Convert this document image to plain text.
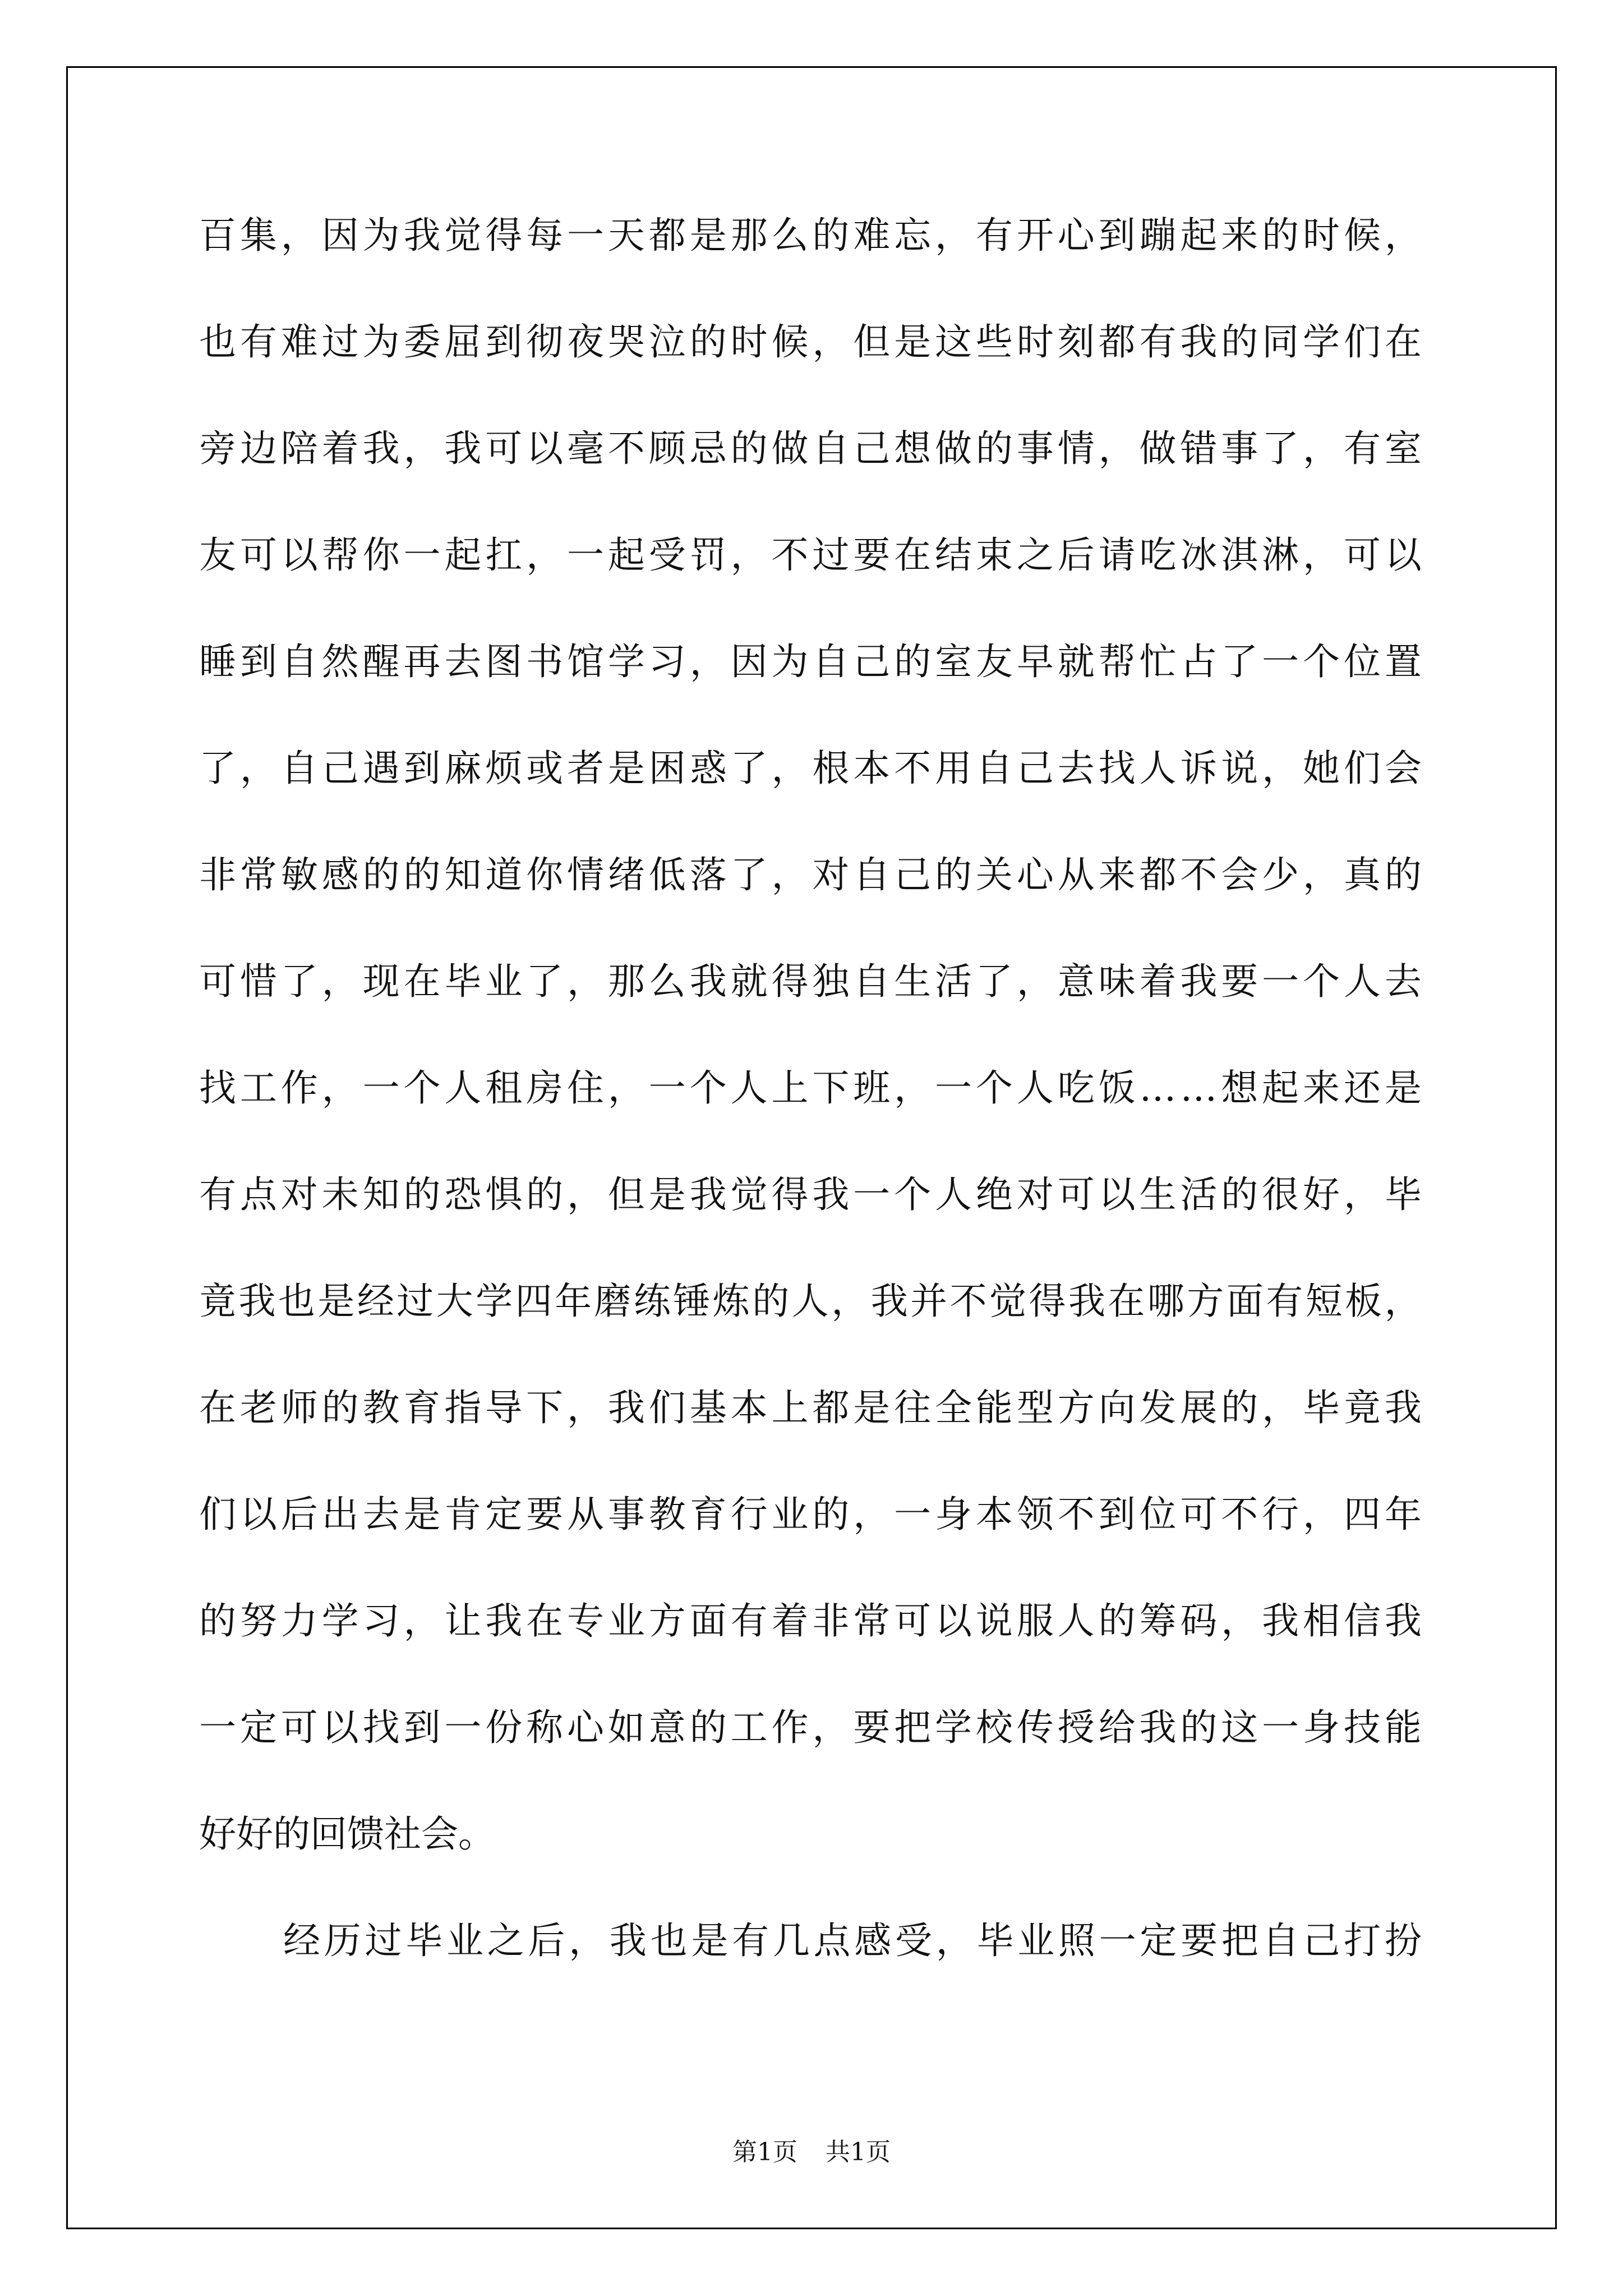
百 集 ， 因 为 我 觉 得 每 一 天 都 是 那 么 的 难 忘 ， 有 开 心 到 蹦 起 来 的 时 候 ，
也 有 难 过 为 委 屈 到 彻 夜 哭 泣 的 时 候 ， 但 是 这 些 时 刻 都 有 我 的 同 学 们 在
旁 边 陪 着 我 ， 我 可 以 毫 不 顾 忌 的 做 自 己 想 做 的 事 情 ， 做 错 事 了 ， 有 室
友 可 以 帮 你 一 起 扛 ， 一 起 受 罚 ， 不 过 要 在 结 束 之 后 请 吃 冰 淇 淋 ， 可 以
睡 到 自 然 醒 再 去 图 书 馆 学 习 ， 因 为 自 己 的 室 友 早 就 帮 忙 占 了 一 个 位 置
了 ， 自 己 遇 到 麻 烦 或 者 是 困 惑 了 ， 根 本 不 用 自 己 去 找 人 诉 说 ， 她 们 会
非 常 敏 感 的 的 知 道 你 情 绪 低 落 了 ， 对 自 己 的 关 心 从 来 都 不 会 少 ， 真 的
可 惜 了 ， 现 在 毕 业 了 ， 那 么 我 就 得 独 自 生 活 了 ， 意 味 着 我 要 一 个 人 去
找 工 作 ， 一 个 人 租 房 住 ， 一 个 人 上 下 班 ， 一 个 人 吃 饭 … … 想 起 来 还 是
有 点 对 未 知 的 恐 惧 的 ， 但 是 我 觉 得 我 一 个 人 绝 对 可 以 生 活 的 很 好 ， 毕
竟 我 也 是 经 过 大 学 四 年 磨 练 锤 炼 的 人 ， 我 并 不 觉 得 我 在 哪 方 面 有 短 板 ，
在 老 师 的 教 育 指 导 下 ， 我 们 基 本 上 都 是 往 全 能 型 方 向 发 展 的 ， 毕 竟 我
们 以 后 出 去 是 肯 定 要 从 事 教 育 行 业 的 ， 一 身 本 领 不 到 位 可 不 行 ， 四 年
的 努 力 学 习 ， 让 我 在 专 业 方 面 有 着 非 常 可 以 说 服 人 的 筹 码 ， 我 相 信 我
一 定 可 以 找 到 一 份 称 心 如 意 的 工 作 ， 要 把 学 校 传 授 给 我 的 这 一 身 技 能
好好的回馈社会。
经 历 过 毕 业 之 后 ， 我 也 是 有 几 点 感 受 ， 毕 业 照 一 定 要 把 自 己 打 扮
第1页 共1页
